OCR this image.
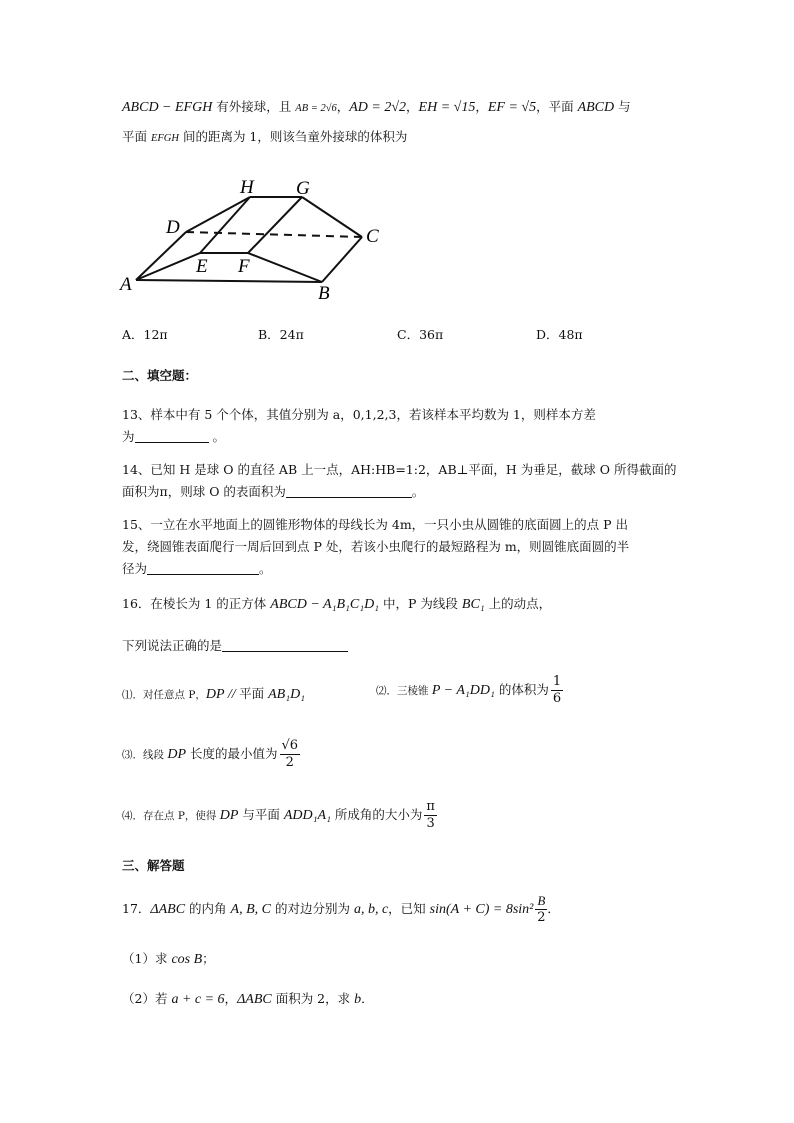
ABCD − EFGH 有外接球，且 AB = 2√6，AD = 2√2，EH = √15，EF = √5，平面 ABCD 与
平面 EFGH 间的距离为 1，则该刍童外接球的体积为
H G
D	C
E F
A	B
A．12π	B．24π	C．36π	D．48π
二、填空题：
13、样本中有 5 个个体，其值分别为 a，0,1,2,3，若该样本平均数为 1，则样本方差
为	。
14、已知 H 是球 O 的直径 AB 上一点，AH:HB=1:2，AB⊥平面，H 为垂足，截球 O 所得截面的
面积为π，则球 O 的表面积为	。
15、一立在水平地面上的圆锥形物体的母线长为 4m，一只小虫从圆锥的底面圆上的点 P 出
发，绕圆锥表面爬行一周后回到点 P 处，若该小虫爬行的最短路程为 m，则圆锥底面圆的半
径为	。
16．在棱长为 1 的正方体 ABCD − A₁B₁C₁D₁ 中，P 为线段 BC₁ 上的动点，
下列说法正确的是
⑴．对任意点 P，DP // 平面 AB₁D₁	⑵．三棱锥 P − A₁DD₁ 的体积为 $\frac{1}{6}$
⑶．线段 DP 长度的最小值为 $\frac{√6}{2}$
⑷．存在点 P，使得 DP 与平面 ADD₁A₁ 所成角的大小为 $\frac{\pi}{3}$
三、解答题
17．ΔABC 的内角 A, B, C 的对边分别为 a, b, c，已知 $\sin(A + C) = 8\sin^2 \frac{B}{2}$ ．
（1）求 cos B；
（2）若 a + c = 6，ΔABC 面积为 2，求 b．
